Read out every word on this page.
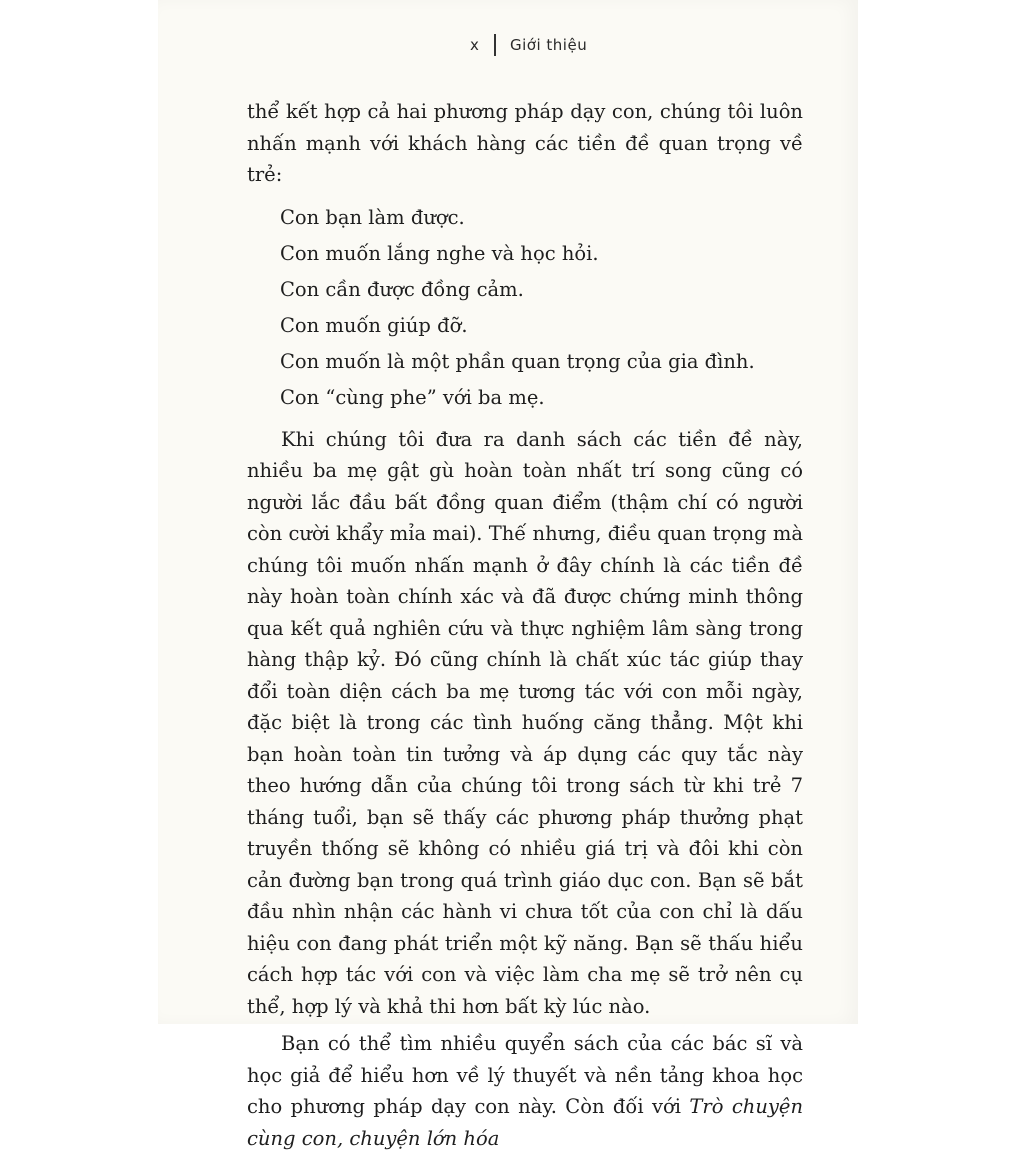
x Giới thiệu

thể kết hợp cả hai phương pháp dạy con, chúng tôi luôn nhấn mạnh với khách hàng các tiền đề quan trọng về trẻ:

Con bạn làm được.
Con muốn lắng nghe và học hỏi.
Con cần được đồng cảm.
Con muốn giúp đỡ.
Con muốn là một phần quan trọng của gia đình.
Con “cùng phe” với ba mẹ.

Khi chúng tôi đưa ra danh sách các tiền đề này, nhiều ba mẹ gật gù hoàn toàn nhất trí song cũng có người lắc đầu bất đồng quan điểm (thậm chí có người còn cười khẩy mỉa mai). Thế nhưng, điều quan trọng mà chúng tôi muốn nhấn mạnh ở đây chính là các tiền đề này hoàn toàn chính xác và đã được chứng minh thông qua kết quả nghiên cứu và thực nghiệm lâm sàng trong hàng thập kỷ. Đó cũng chính là chất xúc tác giúp thay đổi toàn diện cách ba mẹ tương tác với con mỗi ngày, đặc biệt là trong các tình huống căng thẳng. Một khi bạn hoàn toàn tin tưởng và áp dụng các quy tắc này theo hướng dẫn của chúng tôi trong sách từ khi trẻ 7 tháng tuổi, bạn sẽ thấy các phương pháp thưởng phạt truyền thống sẽ không có nhiều giá trị và đôi khi còn cản đường bạn trong quá trình giáo dục con. Bạn sẽ bắt đầu nhìn nhận các hành vi chưa tốt của con chỉ là dấu hiệu con đang phát triển một kỹ năng. Bạn sẽ thấu hiểu cách hợp tác với con và việc làm cha mẹ sẽ trở nên cụ thể, hợp lý và khả thi hơn bất kỳ lúc nào.

Bạn có thể tìm nhiều quyển sách của các bác sĩ và học giả để hiểu hơn về lý thuyết và nền tảng khoa học cho phương pháp dạy con này. Còn đối với Trò chuyện cùng con, chuyện lớn hóa
